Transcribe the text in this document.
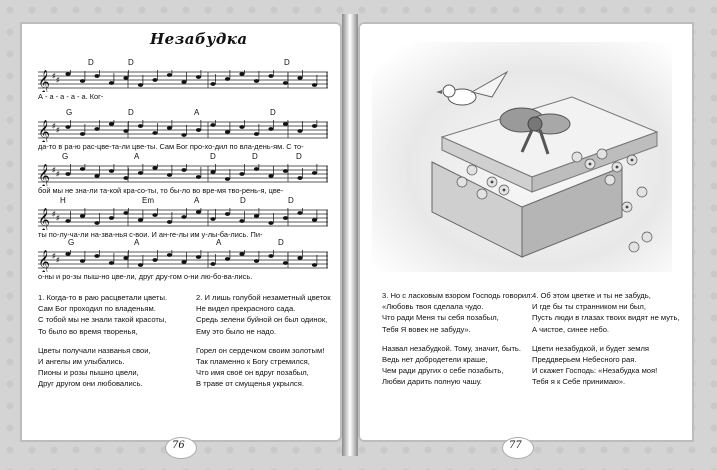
Незабудка
D	D	D
𝄞 ♯
♯
А - а - а - а - а. Ког-
G	D	A	D
𝄞 ♯
♯
да-то в ра-ю рас-цве-та-ли цве-ты. Сам Бог про-хо-дил по вла-день-ям. С то-
G	A	D	D	D
𝄞 ♯
♯
бой мы не зна-ли та-кой кра-со-ты, то бы-ло во вре-мя тво-рень-я, цве-
H	Em	A	D	D
𝄞 ♯
♯
ты по-лу-ча-ли на-зва-нья с-вои. И ан-ге-лы им у-лы-ба-лись. Пи-
G	A	A	D
𝄞 ♯
♯
о-ны и ро-зы пыш-но цве-ли, друг дру-гом о-ни лю-бо-ва-лись.

1. Когда-то в раю расцветали цветы.

Сам Бог проходил по владеньям.

С тобой мы не знали такой красоты,

То было во время творенья,

Цветы получали названья свои,

И ангелы им улыбались.

Пионы и розы пышно цвели,

Друг другом они любовались.

2. И лишь голубой незаметный цветок

Не видел прекрасного сада.

Средь зелени буйной он был одинок,

Ему это было не надо.

Горел он сердечком своим золотым!

Так пламенно к Богу стремился,

Что имя своё он вдруг позабыл,

В траве от смущенья укрылся.

3. Но с ласковым взором Господь говорил:

«Любовь твоя сделала чудо.

Что ради Меня ты себя позабыл,

Тебя Я вовек не забуду».

Назвал незабудкой. Тому, значит, быть.

Ведь нет добродетели краше,

Чем ради других о себе позабыть,

Любви дарить полную чашу.

4. Об этом цветке и ты не забудь,

И где бы ты странником ни был,

Пусть люди в глазах твоих видят не муть,

А чистое, синее небо.

Цвети незабудкой, и будет земля

Преддверьем Небесного рая.

И скажет Господь: «Незабудка моя!

Тебя я к Себе принимаю».

76	77
